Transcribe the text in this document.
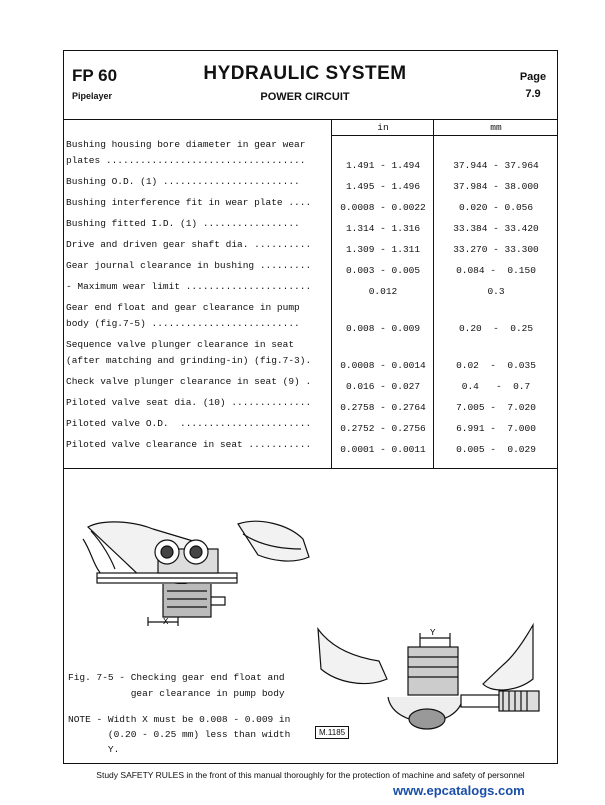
FP 60
Pipelayer
HYDRAULIC SYSTEM
POWER CIRCUIT
Page
7.9
in	mm
Bushing housing bore diameter in gear wear
plates ...................................	1.491 - 1.494	37.944 - 37.964
Bushing O.D. (1) ........................	1.495 - 1.496	37.984 - 38.000
Bushing interference fit in wear plate ....	0.0008 - 0.0022	0.020 - 0.056
Bushing fitted I.D. (1) .................	1.314 - 1.316	33.384 - 33.420
Drive and driven gear shaft dia. ..........	1.309 - 1.311	33.270 - 33.300
Gear journal clearance in bushing .........	0.003 - 0.005	0.084 -  0.150
- Maximum wear limit ......................	0.012	0.3
Gear end float and gear clearance in pump
body (fig.7-5) ..........................	0.008 - 0.009	0.20  -  0.25
Sequence valve plunger clearance in seat
(after matching and grinding-in) (fig.7-3).	0.0008 - 0.0014	0.02  -  0.035
Check valve plunger clearance in seat (9) .	0.016 - 0.027	0.4   -  0.7
Piloted valve seat dia. (10) ..............	0.2758 - 0.2764	7.005 -  7.020
Piloted valve O.D.  .......................	0.2752 - 0.2756	6.991 -  7.000
Piloted valve clearance in seat ...........	0.0001 - 0.0011	0.005 -  0.029
X
Y
Fig. 7-5 - Checking gear end float and
gear clearance in pump body
NOTE - Width X must be 0.008 - 0.009 in
(0.20 - 0.25 mm) less than width
Y.
M.1185
Study SAFETY RULES in the front of this manual thoroughly for the protection of machine and safety of personnel
www.epcatalogs.com
